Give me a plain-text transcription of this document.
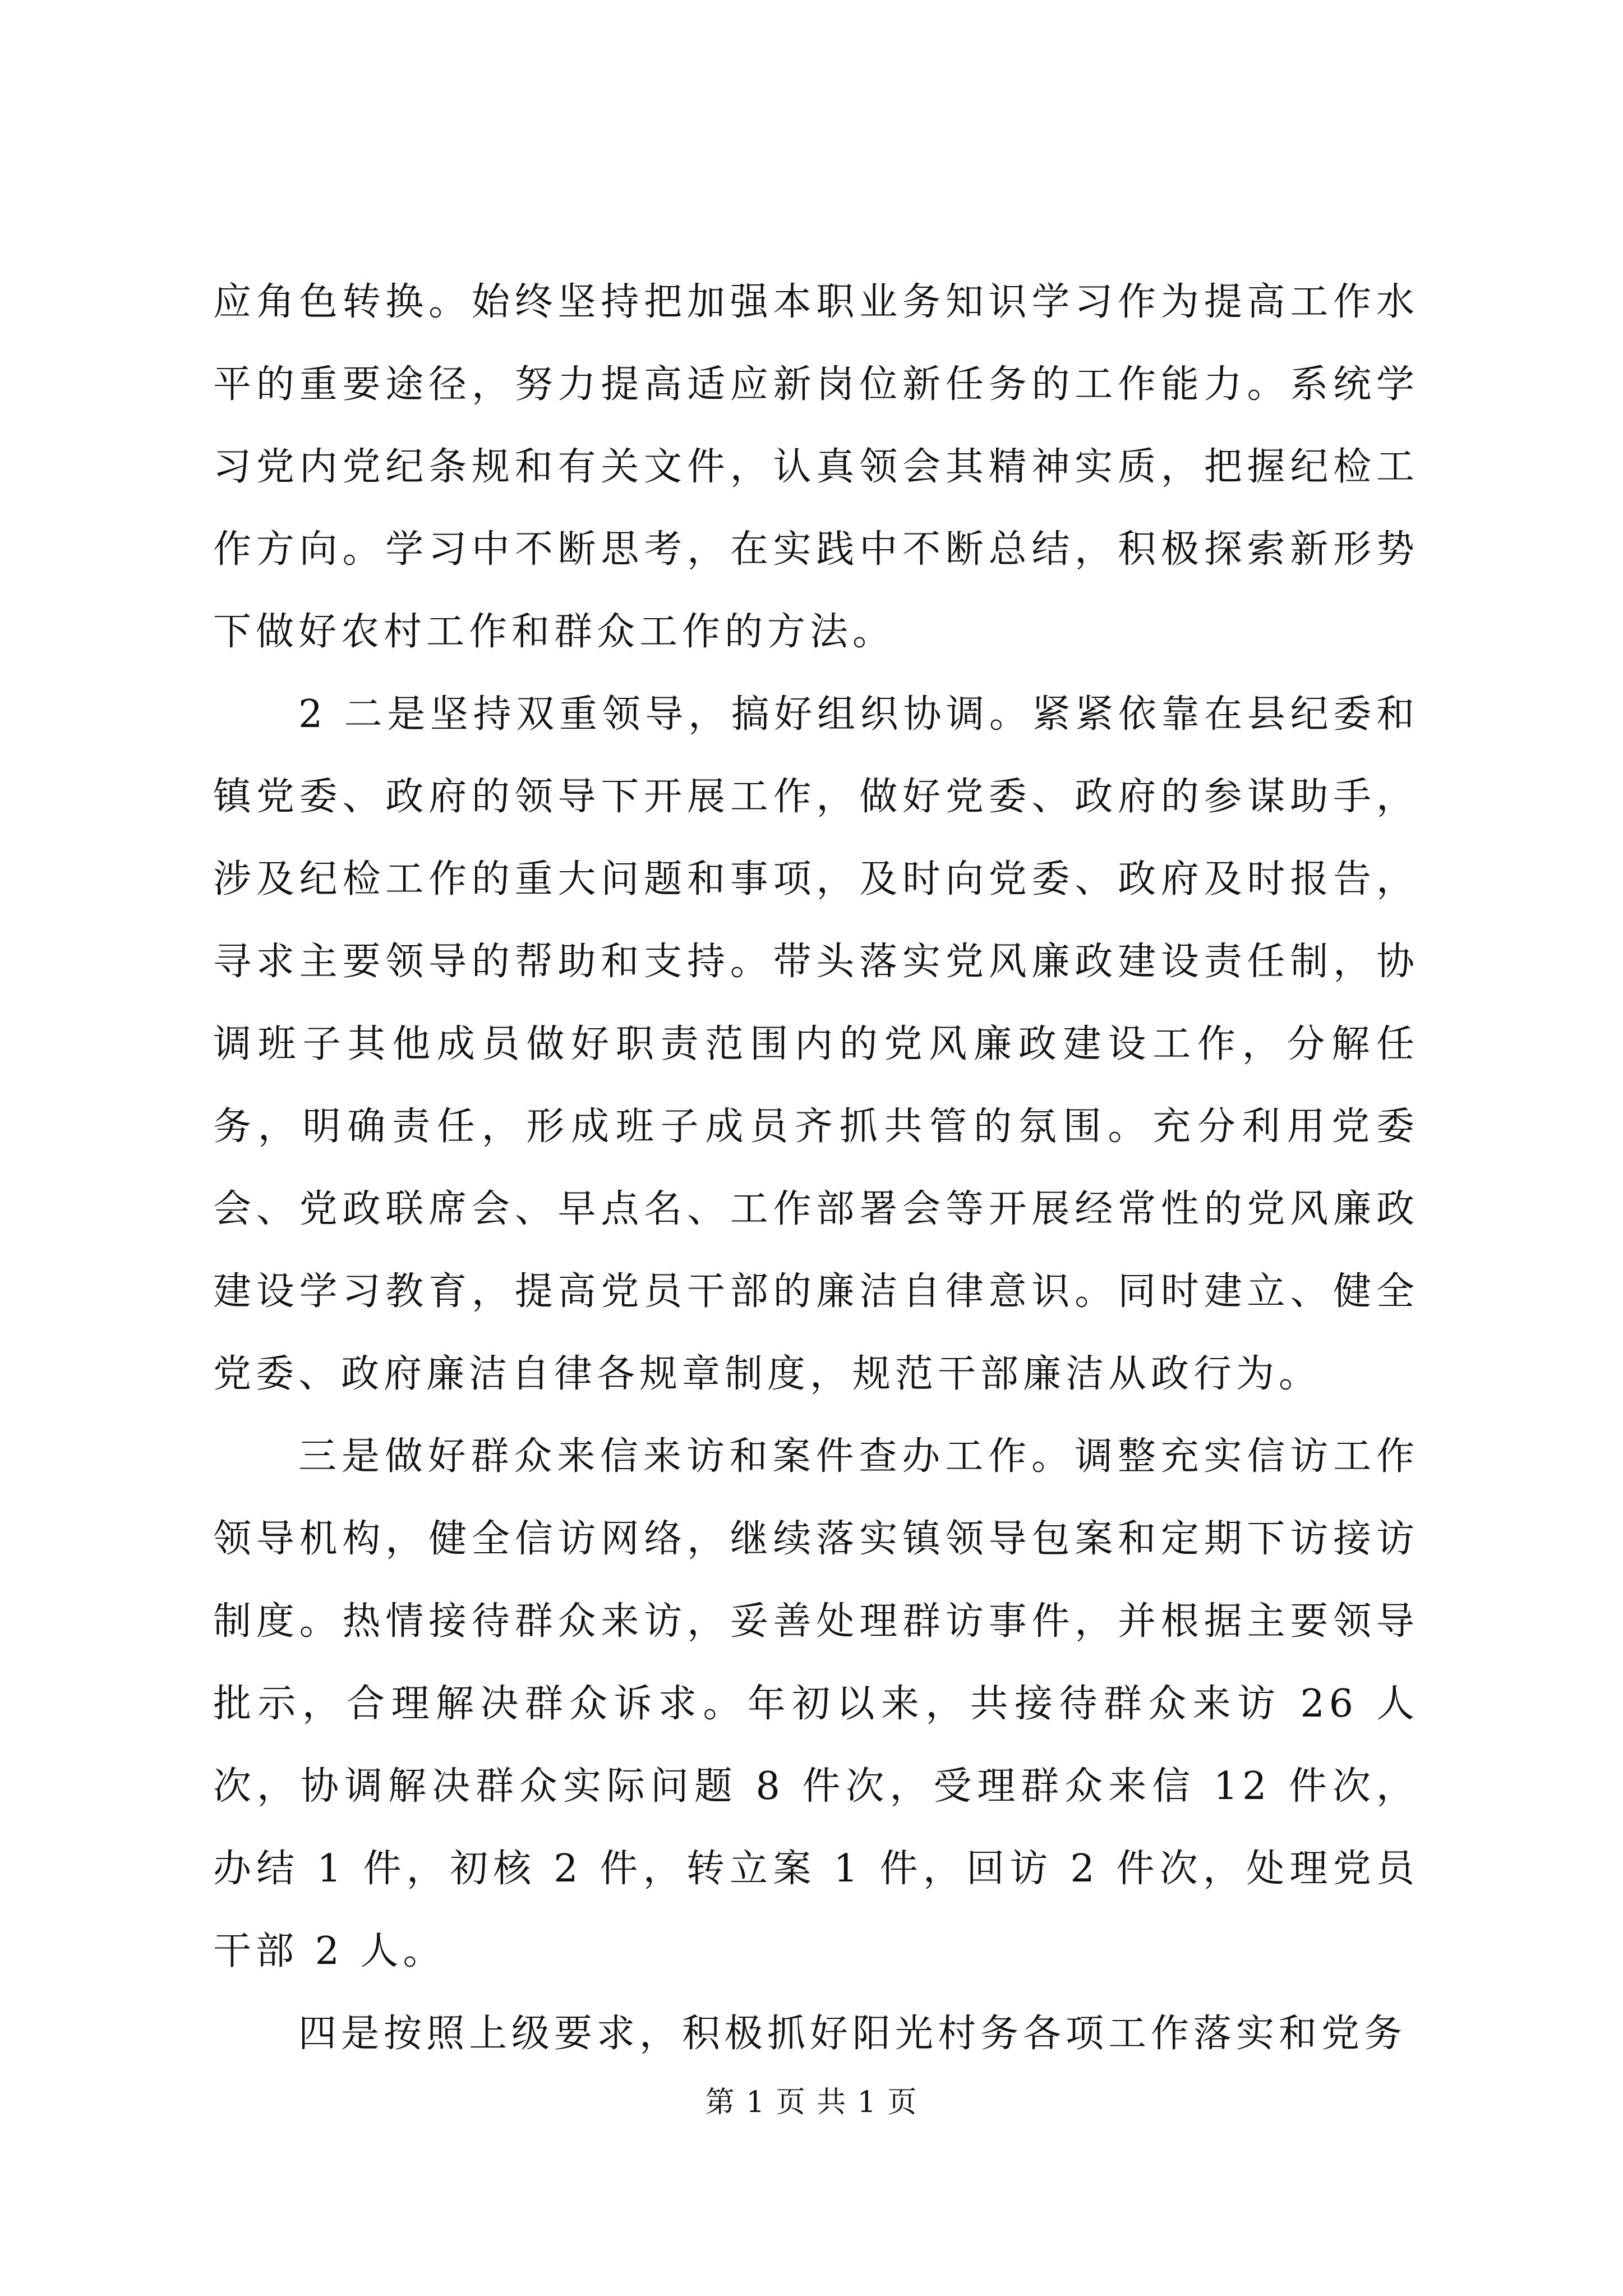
应角色转换。始终坚持把加强本职业务知识学习作为提高工作水平的重要途径，努力提高适应新岗位新任务的工作能力。系统学习党内党纪条规和有关文件，认真领会其精神实质，把握纪检工作方向。学习中不断思考，在实践中不断总结，积极探索新形势下做好农村工作和群众工作的方法。

2 二是坚持双重领导，搞好组织协调。紧紧依靠在县纪委和镇党委、政府的领导下开展工作，做好党委、政府的参谋助手，涉及纪检工作的重大问题和事项，及时向党委、政府及时报告，寻求主要领导的帮助和支持。带头落实党风廉政建设责任制，协调班子其他成员做好职责范围内的党风廉政建设工作，分解任务，明确责任，形成班子成员齐抓共管的氛围。充分利用党委会、党政联席会、早点名、工作部署会等开展经常性的党风廉政建设学习教育，提高党员干部的廉洁自律意识。同时建立、健全党委、政府廉洁自律各规章制度，规范干部廉洁从政行为。

三是做好群众来信来访和案件查办工作。调整充实信访工作领导机构，健全信访网络，继续落实镇领导包案和定期下访接访制度。热情接待群众来访，妥善处理群访事件，并根据主要领导批示，合理解决群众诉求。年初以来，共接待群众来访 26 人次，协调解决群众实际问题 8 件次，受理群众来信 12 件次，办结 1 件，初核 2 件，转立案 1 件，回访 2 件次，处理党员干部 2 人。

四是按照上级要求，积极抓好阳光村务各项工作落实和党务

第 1 页 共 1 页
